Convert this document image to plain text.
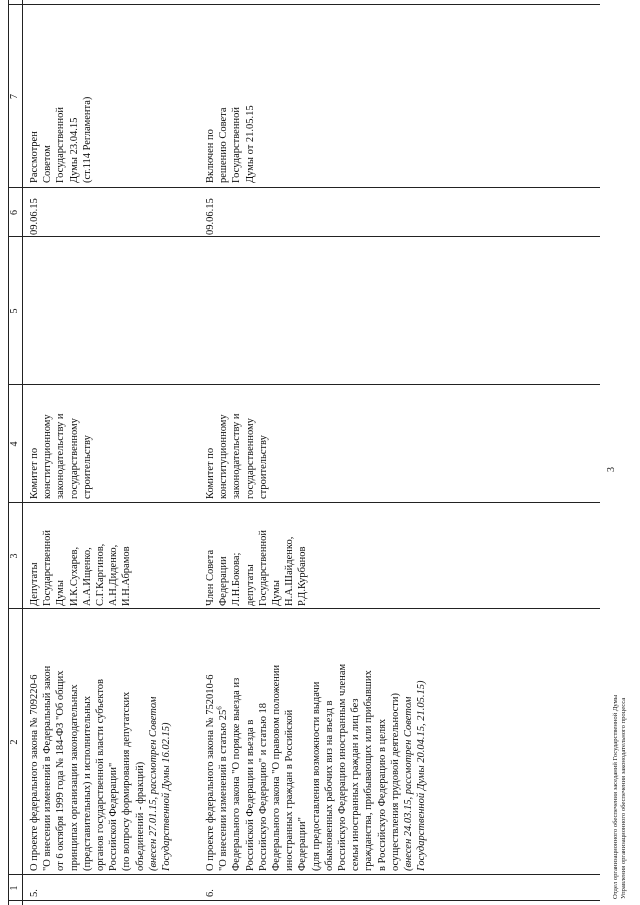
1
2
3
4
5
6
7
5.
О проекте федерального закона № 709220-6 "О внесении изменений в Федеральный закон от 6 октября 1999 года № 184-ФЗ "Об общих принципах организации законодательных (представительных) и исполнительных органов государственной власти субъектов Российской Федерации" (по вопросу формирования депутатских объединений - фракций) (внесен 27.01.15, рассмотрен Советом Государственной Думы 16.02.15)
Депутаты Государственной Думы И.К.Сухарев, А.А.Ищенко, С.Г.Каргинов, А.Н.Диденко, И.Н.Абрамов
Комитет по конституционному законодательству и государственному строительству
09.06.15
Рассмотрен Советом Государственной Думы 23.04.15 (ст.114 Регламента)
6.
О проекте федерального закона № 752010-6 "О внесении изменений в статью $25^6$ Федерального закона "О порядке выезда из Российской Федерации и въезда в Российскую Федерацию" и статью 18 Федерального закона "О правовом положении иностранных граждан в Российской Федерации" (для предоставления возможности выдачи обыкновенных рабочих виз на въезд в Российскую Федерацию иностранным членам семьи иностранных граждан и лиц без гражданства, прибывающих или прибывших в Российскую Федерацию в целях осуществления трудовой деятельности) (внесен 24.03.15, рассмотрен Советом Государственной Думы 20.04.15, 21.05.15)
Член Совета Федерации Л.Н.Бокова; депутаты Государственной Думы Н.А.Шайденко, Р.Д.Курбанов
Комитет по конституционному законодательству и государственному строительству
09.06.15
Включен по решению Совета Государственной Думы от 21.05.15
3
Отдел организационного обеспечения заседаний Государственной Думы Управления организационного обеспечения законодательного процесса
